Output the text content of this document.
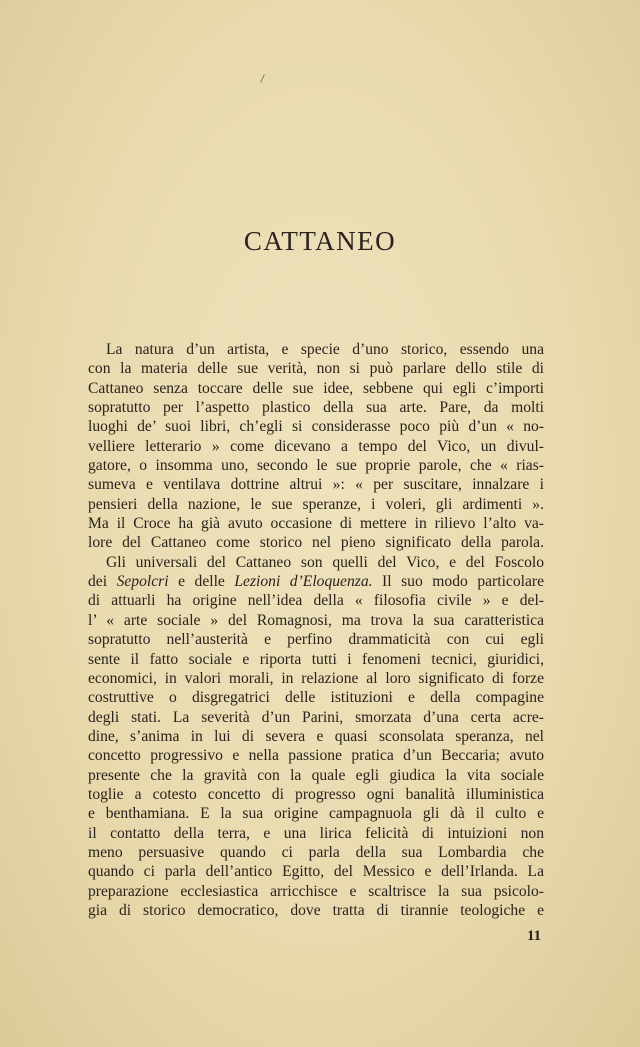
CATTANEO
La natura d’un artista, e specie d’uno storico, essendo una
con la materia delle sue verità, non si può parlare dello stile di
Cattaneo senza toccare delle sue idee, sebbene qui egli c’importi
sopratutto per l’aspetto plastico della sua arte. Pare, da molti
luoghi de’ suoi libri, ch’egli si considerasse poco più d’un « no-
velliere letterario » come dicevano a tempo del Vico, un divul-
gatore, o insomma uno, secondo le sue proprie parole, che « rias-
sumeva e ventilava dottrine altrui »: « per suscitare, innalzare i
pensieri della nazione, le sue speranze, i voleri, gli ardimenti ».
Ma il Croce ha già avuto occasione di mettere in rilievo l’alto va-
lore del Cattaneo come storico nel pieno significato della parola.
Gli universali del Cattaneo son quelli del Vico, e del Foscolo
dei Sepolcri e delle Lezioni d’Eloquenza. Il suo modo particolare
di attuarli ha origine nell’idea della « filosofia civile » e del-
l’ « arte sociale » del Romagnosi, ma trova la sua caratteristica
sopratutto nell’austerità e perfino drammaticità con cui egli
sente il fatto sociale e riporta tutti i fenomeni tecnici, giuridici,
economici, in valori morali, in relazione al loro significato di forze
costruttive o disgregatrici delle istituzioni e della compagine
degli stati. La severità d’un Parini, smorzata d’una certa acre-
dine, s’anima in lui di severa e quasi sconsolata speranza, nel
concetto progressivo e nella passione pratica d’un Beccaria; avuto
presente che la gravità con la quale egli giudica la vita sociale
toglie a cotesto concetto di progresso ogni banalità illuministica
e benthamiana. E la sua origine campagnuola gli dà il culto e
il contatto della terra, e una lirica felicità di intuizioni non
meno persuasive quando ci parla della sua Lombardia che
quando ci parla dell’antico Egitto, del Messico e dell’Irlanda. La
preparazione ecclesiastica arricchisce e scaltrisce la sua psicolo-
gia di storico democratico, dove tratta di tirannie teologiche e
11
